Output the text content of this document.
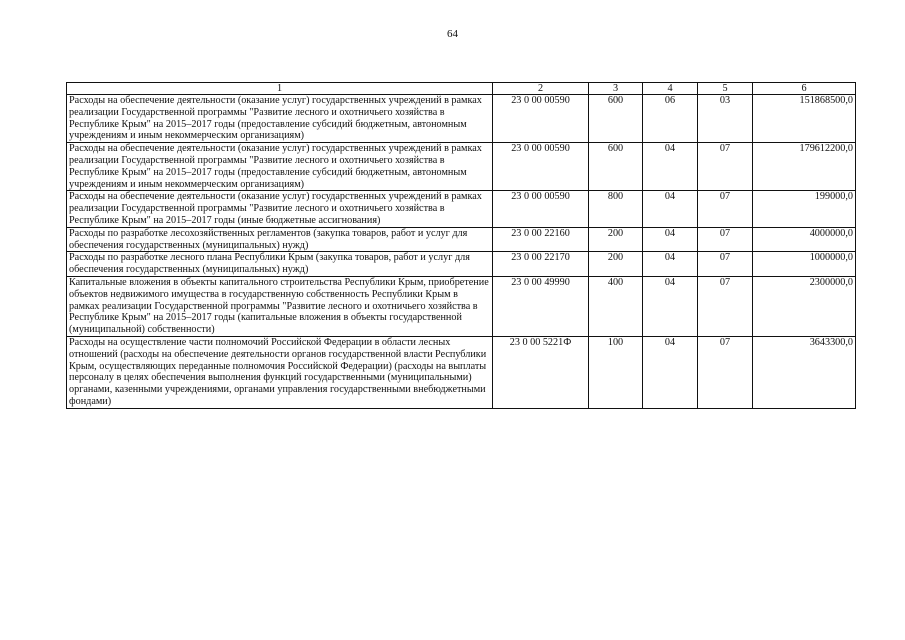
64
1	2	3	4	5	6
Расходы на обеспечение деятельности (оказание услуг) государственных учреждений в рамках реализации Государственной программы "Развитие лесного и охотничьего хозяйства в Республике Крым" на 2015–2017 годы (предоставление субсидий бюджетным, автономным учреждениям и иным некоммерческим организациям)	23 0 00 00590	600	06	03	151868500,0
Расходы на обеспечение деятельности (оказание услуг) государственных учреждений в рамках реализации Государственной программы "Развитие лесного и охотничьего хозяйства в Республике Крым" на 2015–2017 годы (предоставление субсидий бюджетным, автономным учреждениям и иным некоммерческим организациям)	23 0 00 00590	600	04	07	179612200,0
Расходы на обеспечение деятельности (оказание услуг) государственных учреждений в рамках реализации Государственной программы "Развитие лесного и охотничьего хозяйства в Республике Крым" на 2015–2017 годы (иные бюджетные ассигнования)	23 0 00 00590	800	04	07	199000,0
Расходы по разработке лесохозяйственных регламентов (закупка товаров, работ и услуг для обеспечения государственных (муниципальных) нужд)	23 0 00 22160	200	04	07	4000000,0
Расходы по разработке лесного плана Республики Крым (закупка товаров, работ и услуг для обеспечения государственных (муниципальных) нужд)	23 0 00 22170	200	04	07	1000000,0
Капитальные вложения в объекты капитального строительства Республики Крым, приобретение объектов недвижимого имущества в государственную собственность Республики Крым в рамках реализации Государственной программы "Развитие лесного и охотничьего хозяйства в Республике Крым" на 2015–2017 годы (капитальные вложения в объекты государственной (муниципальной) собственности)	23 0 00 49990	400	04	07	2300000,0
Расходы на осуществление части полномочий Российской Федерации в области лесных отношений (расходы на обеспечение деятельности органов государственной власти Республики Крым, осуществляющих переданные полномочия Российской Федерации) (расходы на выплаты персоналу в целях обеспечения выполнения функций государственными (муниципальными) органами, казенными учреждениями, органами управления государственными внебюджетными фондами)	23 0 00 5221Ф	100	04	07	3643300,0
